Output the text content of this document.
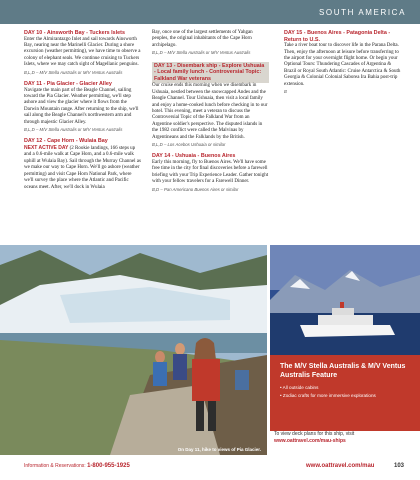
SOUTH AMERICA

DAY 10 - Ainsworth Bay - Tuckers Islets

Enter the Almirantazgo Inlet and sail towards Ainsworth Bay, nearing near the Marinelli Glacier. During a shore excursion (weather permitting), we have time to observe a colony of elephant seals. We continue cruising to Tuckers Islets, where we may catch sight of Magellanic penguins.

B,L,D – M/V Stella Australis or M/V Ventus Australis

DAY 11 - Pia Glacier - Glacier Alley

Navigate the main part of the Beagle Channel, sailing toward the Pia Glacier. Weather permitting, we'll step ashore and view the glacier where it flows from the Darwin Mountain range. After returning to the ship, we'll sail along the Beagle Channel's northwestern arm and through majestic Glacier Alley.

B,L,D – M/V Stella Australis or M/V Ventus Australis

DAY 12 - Cape Horn - Wulaia Bay

NEXT ACTIVE DAY (2 Rookie landings, 166 steps up and a 0.6-mile walk at Cape Horn, and a 0.6-mile walk uphill at Wulaia Bay). Sail through the Murray Channel as we make our way to Cape Horn. We'll go ashore (weather permitting) and visit Cape Horn National Park, where we'll survey the place where the Atlantic and Pacific oceans meet. After, we'll dock in Wulaia

Bay, once one of the largest settlements of Yahgan peoples, the original inhabitants of the Cape Horn archipelago.

B,L,D – M/V Stella Australis or M/V Ventus Australis

DAY 13 - Disembark ship - Explore Ushuaia - Local family lunch - Controversial Topic: Falkland War veterans

Our cruise ends this morning when we disembark in Ushuaia, nestled between the snowcapped Andes and the Beagle Channel. Tour Ushuaia, then visit a local family and enjoy a home-cooked lunch before checking in to our hotel. This evening, meet a veteran to discuss the Controversial Topic of the Falkland War from an Argentine soldier's perspective. The disputed islands in the 1982 conflict were called the Malvinas by Argentineans and the Falklands by the British.

B,L,D – Los Acebos Ushuaia or similar

DAY 14 - Ushuaia - Buenos Aires

Early this morning, fly to Buenos Aires. We'll have some free time in the city for final discoveries before a farewell briefing with your Trip Experience Leader. Gather tonight with your fellow travelers for a Farewell Dinner.

B,D – Pan Americano Buenos Aires or similar

DAY 15 - Buenos Aires - Patagonia Delta - Return to U.S.

Take a river boat tour to discover life in the Parana Delta. Then, enjoy the afternoon at leisure before transferring to the airport for your overnight flight home. Or begin your Optional Tours: Thundering Cascades of Argentina & Brazil or Royal South Atlantic: Cruise Antarctica & South Georgia & Colonial Colonial Saborea Ira Bahia post-trip extension.

B

On Day 11, hike to views of Pia Glacier.

The M/V Stella Australis & M/V Ventus Australis Feature

• All outside cabins
• Zodiac crafts for more immersive explorations
To view deck plans for this ship, visit
www.oattravel.com/mau-ships
Information & Reservations: 1-800-955-1925	www.oattravel.com/mau	103
